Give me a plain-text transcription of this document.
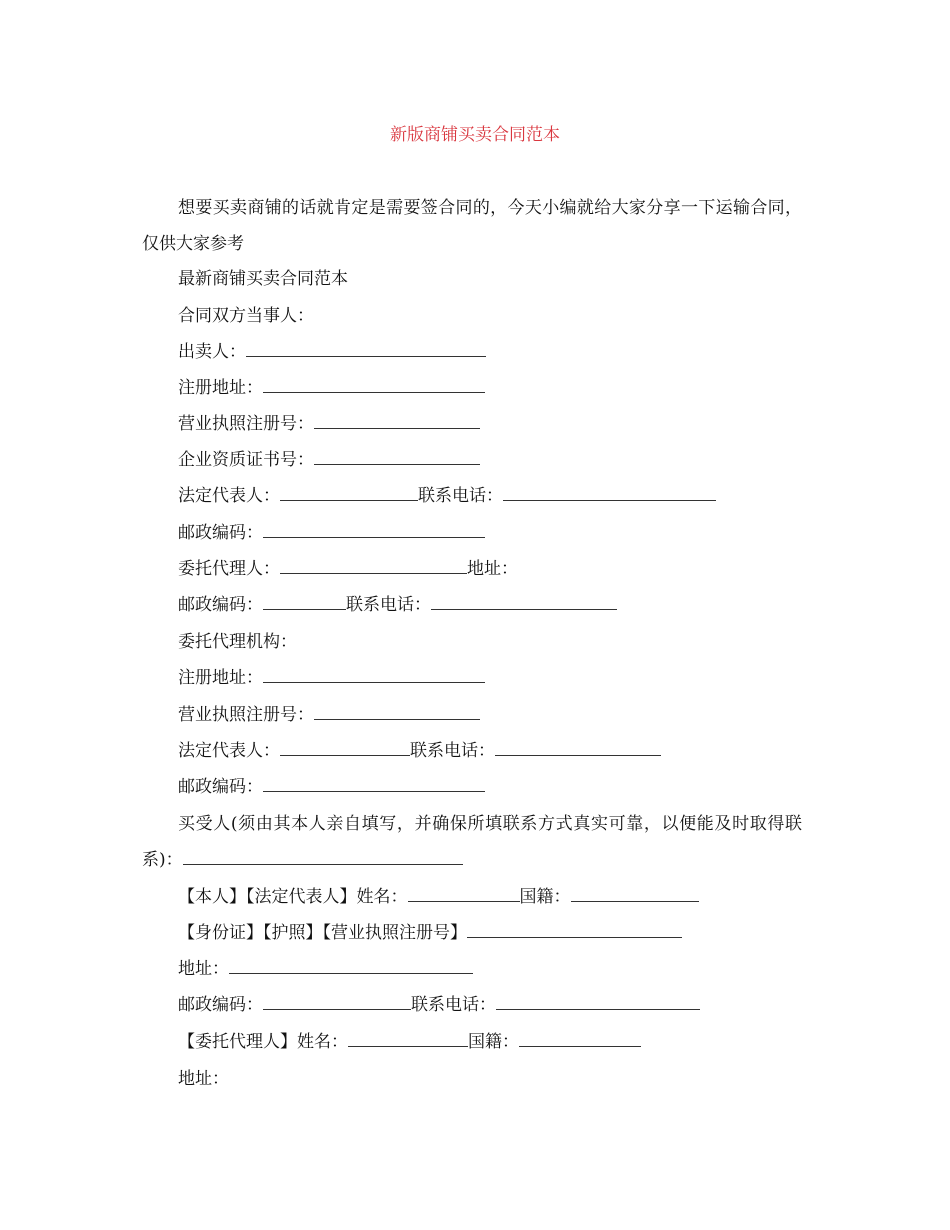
新版商铺买卖合同范本

想要买卖商铺的话就肯定是需要签合同的，今天小编就给大家分享一下运输合同，仅供大家参考

最新商铺买卖合同范本
合同双方当事人：
出卖人：
注册地址：
营业执照注册号：
企业资质证书号：
法定代表人：	联系电话：
邮政编码：
委托代理人：	地址：
邮政编码：	联系电话：
委托代理机构：
注册地址：
营业执照注册号：
法定代表人：	联系电话：
邮政编码：

买受人(须由其本人亲自填写，并确保所填联系方式真实可靠，以便能及时取得联系)：

【本人】【法定代表人】姓名：	国籍：
【身份证】【护照】【营业执照注册号】
地址：
邮政编码：	联系电话：
【委托代理人】姓名：	国籍：
地址：
